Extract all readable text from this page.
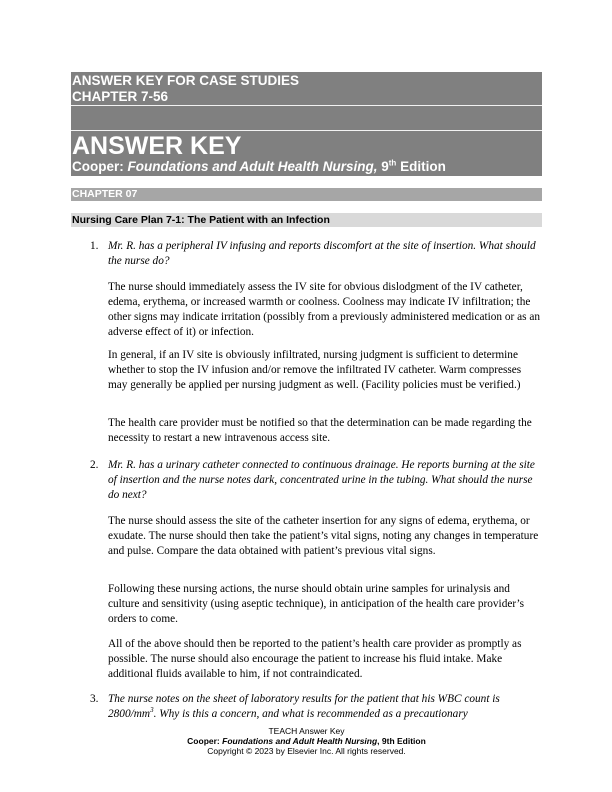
ANSWER KEY FOR CASE STUDIES
CHAPTER 7-56
ANSWER KEY
Cooper: Foundations and Adult Health Nursing, 9th Edition
CHAPTER 07
Nursing Care Plan 7-1: The Patient with an Infection
1. Mr. R. has a peripheral IV infusing and reports discomfort at the site of insertion. What should the nurse do?
The nurse should immediately assess the IV site for obvious dislodgment of the IV catheter, edema, erythema, or increased warmth or coolness. Coolness may indicate IV infiltration; the other signs may indicate irritation (possibly from a previously administered medication or as an adverse effect of it) or infection.
In general, if an IV site is obviously infiltrated, nursing judgment is sufficient to determine whether to stop the IV infusion and/or remove the infiltrated IV catheter. Warm compresses may generally be applied per nursing judgment as well. (Facility policies must be verified.)
The health care provider must be notified so that the determination can be made regarding the necessity to restart a new intravenous access site.
2. Mr. R. has a urinary catheter connected to continuous drainage. He reports burning at the site of insertion and the nurse notes dark, concentrated urine in the tubing. What should the nurse do next?
The nurse should assess the site of the catheter insertion for any signs of edema, erythema, or exudate. The nurse should then take the patient’s vital signs, noting any changes in temperature and pulse. Compare the data obtained with patient’s previous vital signs.
Following these nursing actions, the nurse should obtain urine samples for urinalysis and culture and sensitivity (using aseptic technique), in anticipation of the health care provider’s orders to come.
All of the above should then be reported to the patient’s health care provider as promptly as possible. The nurse should also encourage the patient to increase his fluid intake. Make additional fluids available to him, if not contraindicated.
3. The nurse notes on the sheet of laboratory results for the patient that his WBC count is
$2800/mm^3$. Why is this a concern, and what is recommended as a precautionary
TEACH Answer Key
Cooper: Foundations and Adult Health Nursing, 9th Edition
Copyright © 2023 by Elsevier Inc. All rights reserved.
